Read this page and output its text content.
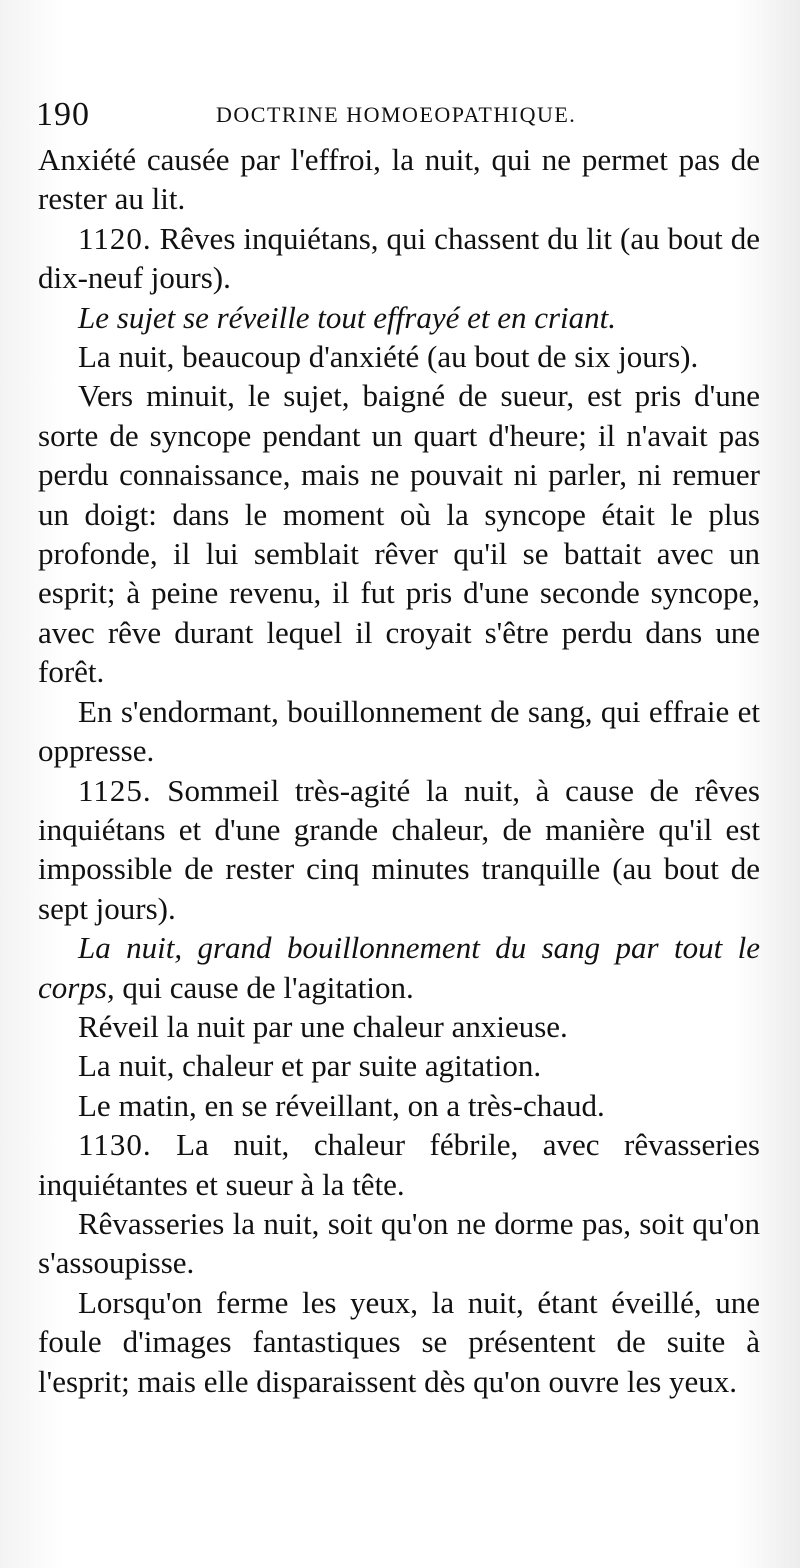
190	DOCTRINE HOMOEOPATHIQUE.

Anxiété causée par l'effroi, la nuit, qui ne permet pas de rester au lit.

1120. Rêves inquiétans, qui chassent du lit (au bout de dix-neuf jours).

Le sujet se réveille tout effrayé et en criant.

La nuit, beaucoup d'anxiété (au bout de six jours).

Vers minuit, le sujet, baigné de sueur, est pris d'une sorte de syncope pendant un quart d'heure; il n'avait pas perdu connaissance, mais ne pouvait ni parler, ni remuer un doigt: dans le moment où la syncope était le plus profonde, il lui semblait rêver qu'il se battait avec un esprit; à peine revenu, il fut pris d'une seconde syncope, avec rêve durant lequel il croyait s'être perdu dans une forêt.

En s'endormant, bouillonnement de sang, qui effraie et oppresse.

1125. Sommeil très-agité la nuit, à cause de rêves inquiétans et d'une grande chaleur, de manière qu'il est impossible de rester cinq minutes tranquille (au bout de sept jours).

La nuit, grand bouillonnement du sang par tout le corps, qui cause de l'agitation.

Réveil la nuit par une chaleur anxieuse.

La nuit, chaleur et par suite agitation.

Le matin, en se réveillant, on a très-chaud.

1130. La nuit, chaleur fébrile, avec rêvasseries inquiétantes et sueur à la tête.

Rêvasseries la nuit, soit qu'on ne dorme pas, soit qu'on s'assoupisse.

Lorsqu'on ferme les yeux, la nuit, étant éveillé, une foule d'images fantastiques se présentent de suite à l'esprit; mais elle disparaissent dès qu'on ouvre les yeux.
